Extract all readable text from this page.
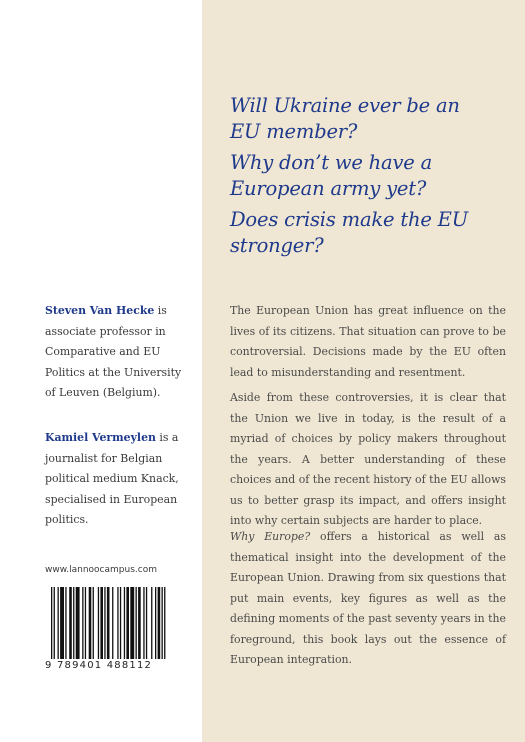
Will Ukraine ever be an EU member?
Why don’t we have a European army yet?
Does crisis make the EU stronger?

The European Union has great influence on the lives of its citizens. That situation can prove to be controversial. Decisions made by the EU often lead to misunderstanding and resentment.

Aside from these controversies, it is clear that the Union we live in today, is the result of a myriad of choices by policy makers throughout the years. A better understanding of these choices and of the recent history of the EU allows us to better grasp its impact, and offers insight into why certain subjects are harder to place.

Why Europe? offers a historical as well as thematical insight into the development of the European Union. Drawing from six questions that put main events, key figures as well as the defining moments of the past seventy years in the foreground, this book lays out the essence of European integration.

Steven Van Hecke is associate professor in Comparative and EU Politics at the University of Leuven (Belgium).

Kamiel Vermeylen is a journalist for Belgian political medium Knack, specialised in European politics.

www.lannoocampus.com
9 789401 488112
